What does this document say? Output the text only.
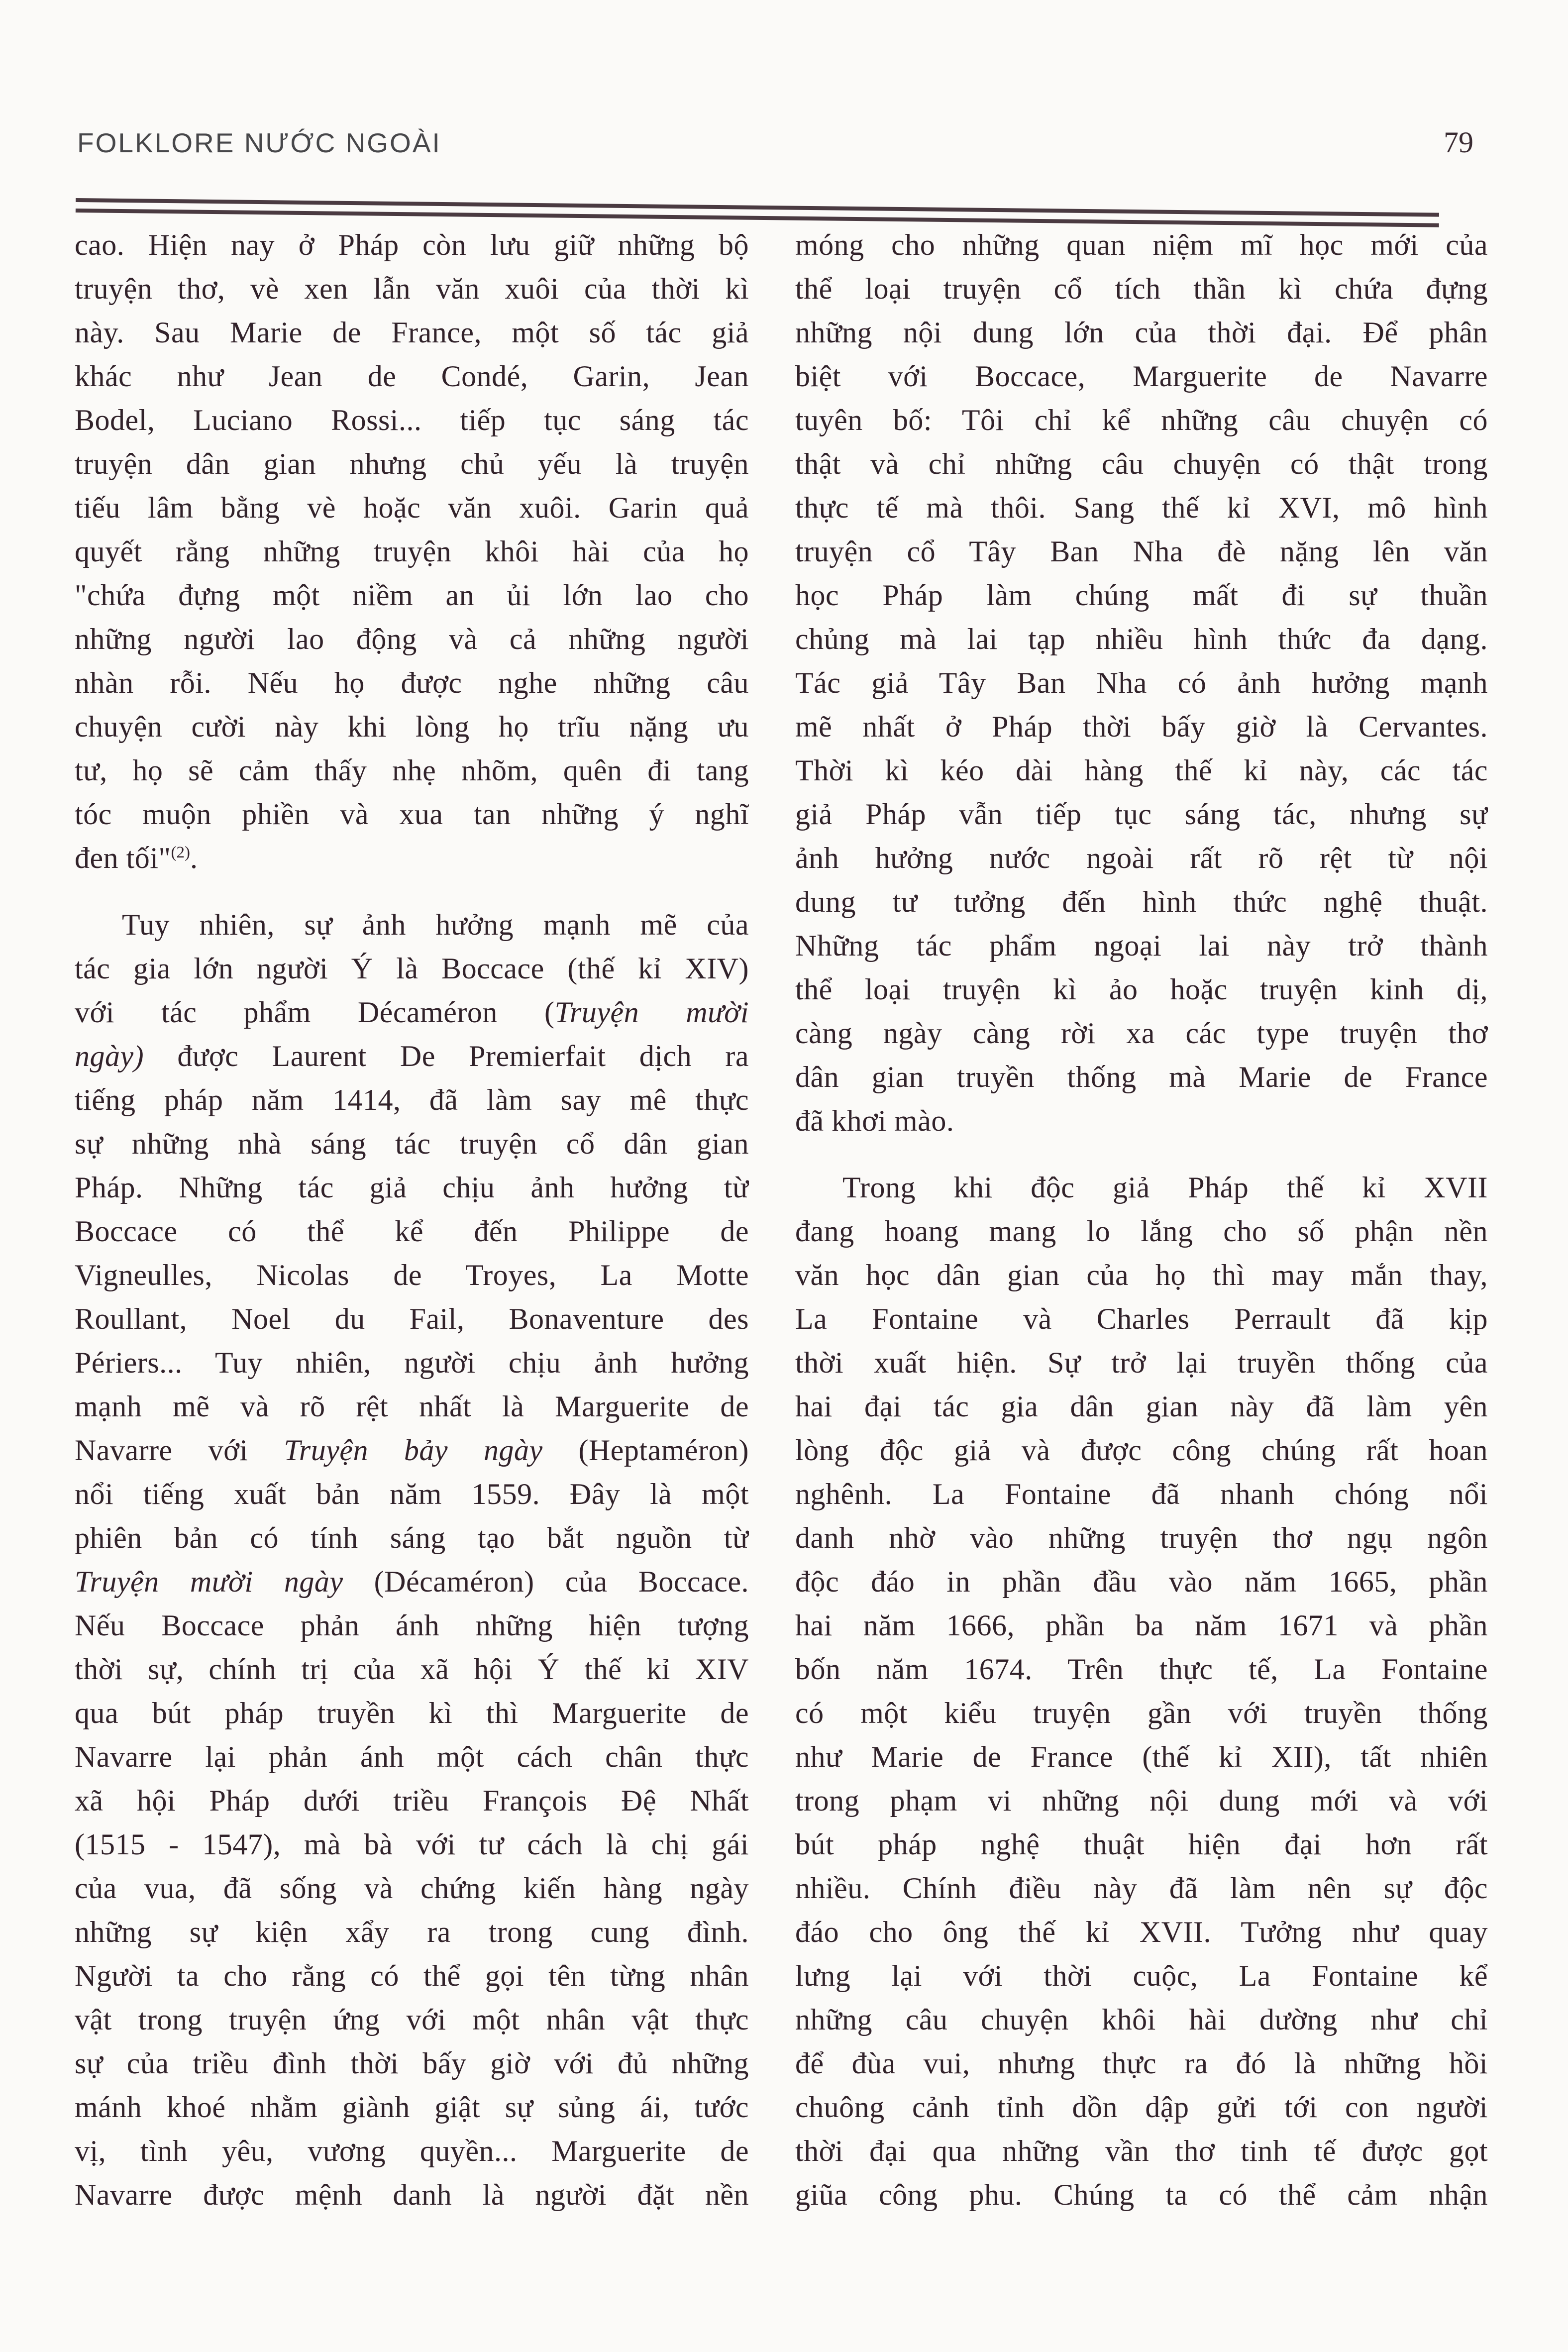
FOLKLORE NƯỚC NGOÀI	79
cao. Hiện nay ở Pháp còn lưu giữ những bộ
truyện thơ, vè xen lẫn văn xuôi của thời kì
này. Sau Marie de France, một số tác giả
khác như Jean de Condé, Garin, Jean
Bodel, Luciano Rossi... tiếp tục sáng tác
truyện dân gian nhưng chủ yếu là truyện
tiếu lâm bằng vè hoặc văn xuôi. Garin quả
quyết rằng những truyện khôi hài của họ
"chứa đựng một niềm an ủi lớn lao cho
những người lao động và cả những người
nhàn rỗi. Nếu họ được nghe những câu
chuyện cười này khi lòng họ trĩu nặng ưu
tư, họ sẽ cảm thấy nhẹ nhõm, quên đi tang
tóc muộn phiền và xua tan những ý nghĩ
đen tối"$^{(2)}$.
Tuy nhiên, sự ảnh hưởng mạnh mẽ của
tác gia lớn người Ý là Boccace (thế kỉ XIV)
với tác phẩm Décaméron (Truyện mười
ngày) được Laurent De Premierfait dịch ra
tiếng pháp năm 1414, đã làm say mê thực
sự những nhà sáng tác truyện cổ dân gian
Pháp. Những tác giả chịu ảnh hưởng từ
Boccace có thể kể đến Philippe de
Vigneulles, Nicolas de Troyes, La Motte
Roullant, Noel du Fail, Bonaventure des
Périers... Tuy nhiên, người chịu ảnh hưởng
mạnh mẽ và rõ rệt nhất là Marguerite de
Navarre với Truyện bảy ngày (Heptaméron)
nổi tiếng xuất bản năm 1559. Đây là một
phiên bản có tính sáng tạo bắt nguồn từ
Truyện mười ngày (Décaméron) của Boccace.
Nếu Boccace phản ánh những hiện tượng
thời sự, chính trị của xã hội Ý thế kỉ XIV
qua bút pháp truyền kì thì Marguerite de
Navarre lại phản ánh một cách chân thực
xã hội Pháp dưới triều François Đệ Nhất
(1515 - 1547), mà bà với tư cách là chị gái
của vua, đã sống và chứng kiến hàng ngày
những sự kiện xẩy ra trong cung đình.
Người ta cho rằng có thể gọi tên từng nhân
vật trong truyện ứng với một nhân vật thực
sự của triều đình thời bấy giờ với đủ những
mánh khoé nhằm giành giật sự sủng ái, tước
vị, tình yêu, vương quyền... Marguerite de
Navarre được mệnh danh là người đặt nền
móng cho những quan niệm mĩ học mới của
thể loại truyện cổ tích thần kì chứa đựng
những nội dung lớn của thời đại. Để phân
biệt với Boccace, Marguerite de Navarre
tuyên bố: Tôi chỉ kể những câu chuyện có
thật và chỉ những câu chuyện có thật trong
thực tế mà thôi. Sang thế kỉ XVI, mô hình
truyện cổ Tây Ban Nha đè nặng lên văn
học Pháp làm chúng mất đi sự thuần
chủng mà lai tạp nhiều hình thức đa dạng.
Tác giả Tây Ban Nha có ảnh hưởng mạnh
mẽ nhất ở Pháp thời bấy giờ là Cervantes.
Thời kì kéo dài hàng thế kỉ này, các tác
giả Pháp vẫn tiếp tục sáng tác, nhưng sự
ảnh hưởng nước ngoài rất rõ rệt từ nội
dung tư tưởng đến hình thức nghệ thuật.
Những tác phẩm ngoại lai này trở thành
thể loại truyện kì ảo hoặc truyện kinh dị,
càng ngày càng rời xa các type truyện thơ
dân gian truyền thống mà Marie de France
đã khơi mào.
Trong khi độc giả Pháp thế kỉ XVII
đang hoang mang lo lắng cho số phận nền
văn học dân gian của họ thì may mắn thay,
La Fontaine và Charles Perrault đã kịp
thời xuất hiện. Sự trở lại truyền thống của
hai đại tác gia dân gian này đã làm yên
lòng độc giả và được công chúng rất hoan
nghênh. La Fontaine đã nhanh chóng nổi
danh nhờ vào những truyện thơ ngụ ngôn
độc đáo in phần đầu vào năm 1665, phần
hai năm 1666, phần ba năm 1671 và phần
bốn năm 1674. Trên thực tế, La Fontaine
có một kiểu truyện gần với truyền thống
như Marie de France (thế kỉ XII), tất nhiên
trong phạm vi những nội dung mới và với
bút pháp nghệ thuật hiện đại hơn rất
nhiều. Chính điều này đã làm nên sự độc
đáo cho ông thế kỉ XVII. Tưởng như quay
lưng lại với thời cuộc, La Fontaine kể
những câu chuyện khôi hài dường như chỉ
để đùa vui, nhưng thực ra đó là những hồi
chuông cảnh tỉnh dồn dập gửi tới con người
thời đại qua những vần thơ tinh tế được gọt
giũa công phu. Chúng ta có thể cảm nhận
